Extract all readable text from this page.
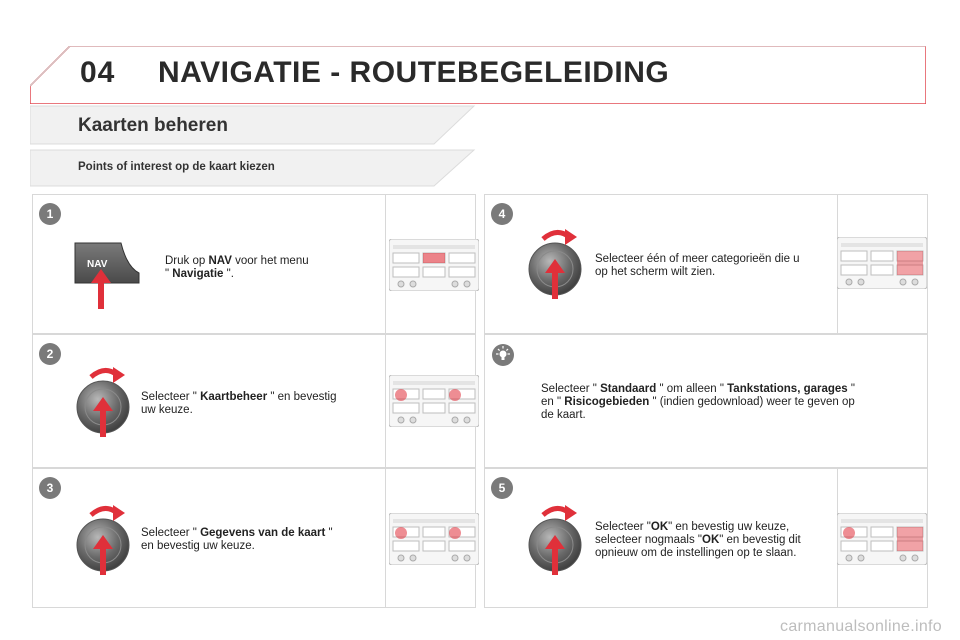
04 NAVIGATIE - ROUTEBEGELEIDING
Kaarten beheren
Points of interest op de kaart kiezen
1
NAV	Druk op NAV voor het menu
" Navigatie ".
2
Selecteer " Kaartbeheer " en bevestig
uw keuze.
3
Selecteer " Gegevens van de kaart "
en bevestig uw keuze.
4
Selecteer één of meer categorieën die u
op het scherm wilt zien.
Selecteer " Standaard " om alleen " Tankstations, garages "
en " Risicogebieden " (indien gedownload) weer te geven op
de kaart.
5
Selecteer "OK" en bevestig uw keuze,
selecteer nogmaals "OK" en bevestig dit
opnieuw om de instellingen op te slaan.
carmanualsonline.info
